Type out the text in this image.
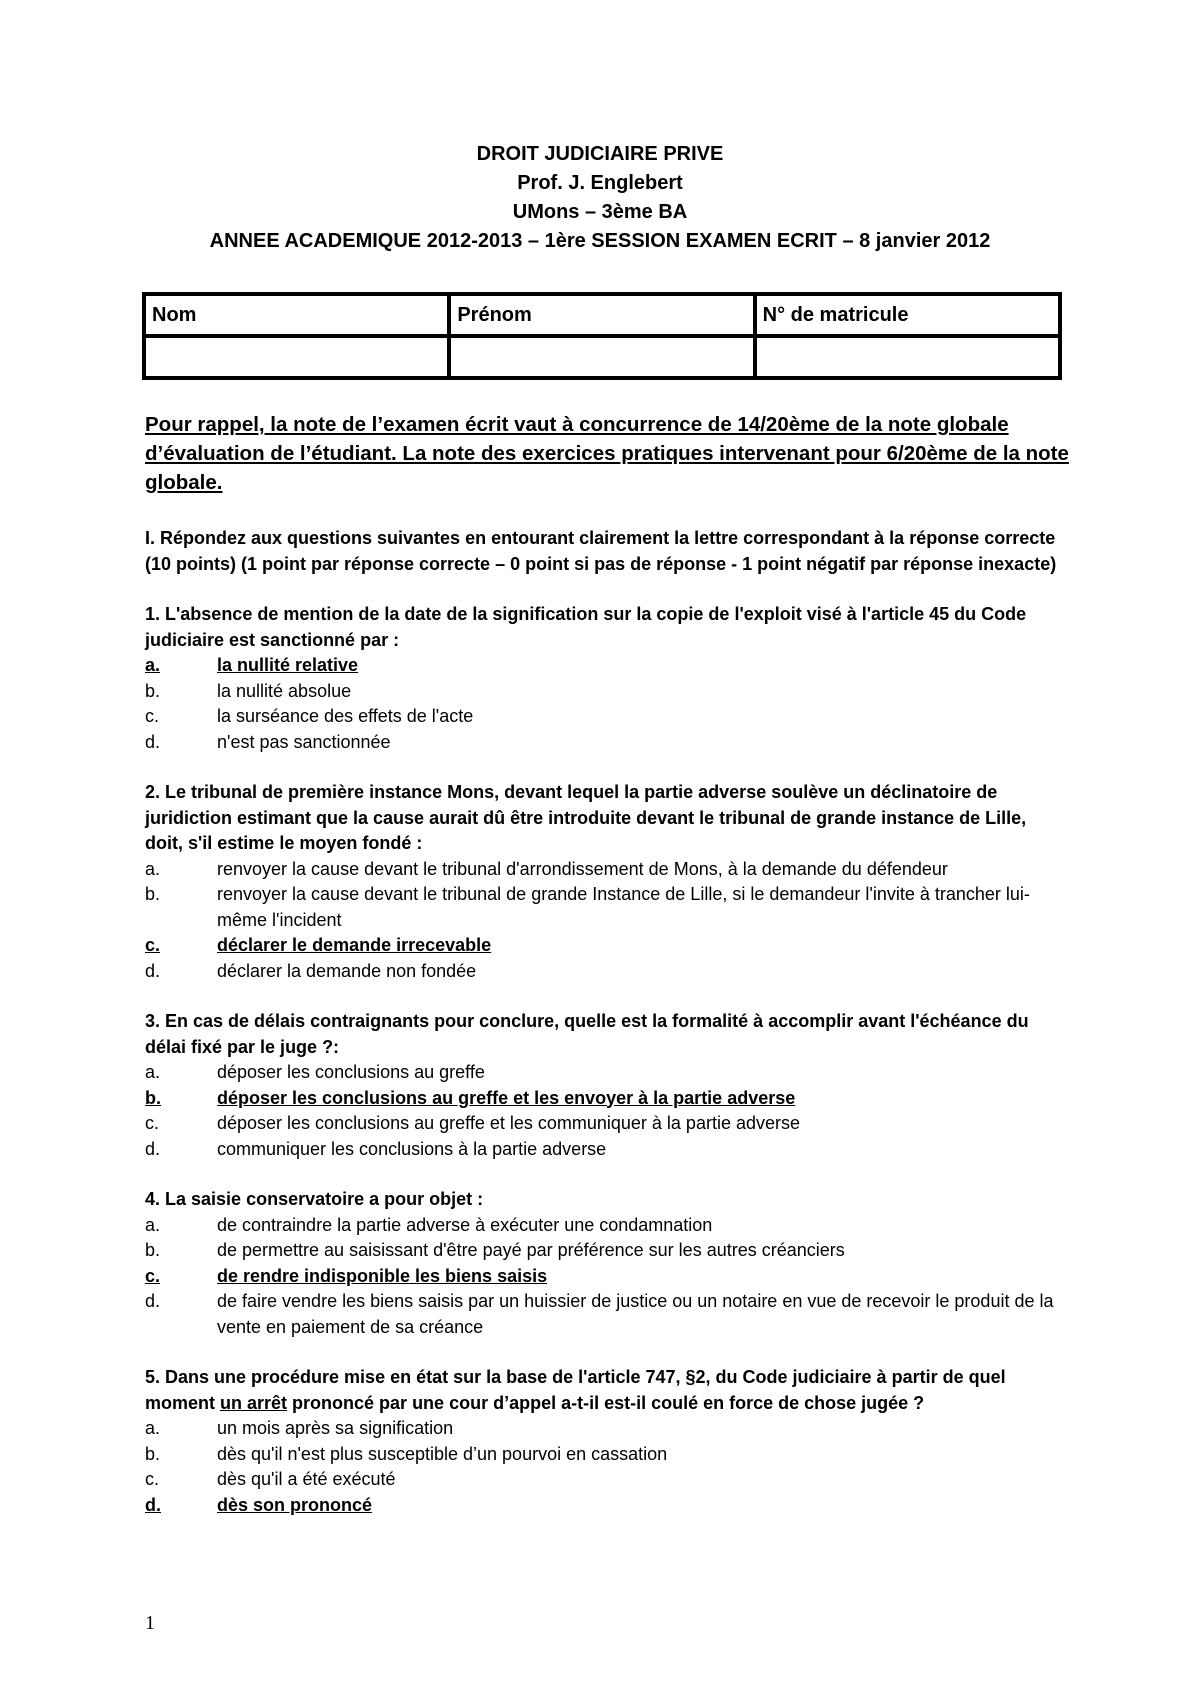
DROIT JUDICIAIRE PRIVE
Prof. J. Englebert
UMons – 3ème BA
ANNEE ACADEMIQUE 2012-2013 – 1ère SESSION EXAMEN ECRIT – 8 janvier 2012
Nom	Prénom	N° de matricule

Pour rappel, la note de l’examen écrit vaut à concurrence de 14/20ème de la note globale d’évaluation de l’étudiant. La note des exercices pratiques intervenant pour 6/20ème de la note globale.
I. Répondez aux questions suivantes en entourant clairement la lettre correspondant à la réponse correcte (10 points) (1 point par réponse correcte – 0 point si pas de réponse - 1 point négatif par réponse inexacte)
1. L'absence de mention de la date de la signification sur la copie de l'exploit visé à l'article 45 du Code judiciaire est sanctionné par :
a.	la nullité relative
b.	la nullité absolue
c.	la surséance des effets de l'acte
d.	n'est pas sanctionnée
2. Le tribunal de première instance Mons, devant lequel la partie adverse soulève un déclinatoire de juridiction estimant que la cause aurait dû être introduite devant le tribunal de grande instance de Lille, doit, s'il estime le moyen fondé :
a.	renvoyer la cause devant le tribunal d'arrondissement de Mons, à la demande du défendeur
b.	renvoyer la cause devant le tribunal de grande Instance de Lille, si le demandeur l'invite à trancher lui-même l'incident
c.	déclarer le demande irrecevable
d.	déclarer la demande non fondée
3. En cas de délais contraignants pour conclure, quelle est la formalité à accomplir avant l'échéance du délai fixé par le juge ?:
a.	déposer les conclusions au greffe
b.	déposer les conclusions au greffe et les envoyer à la partie adverse
c.	déposer les conclusions au greffe et les communiquer à la partie adverse
d.	communiquer les conclusions à la partie adverse
4. La saisie conservatoire a pour objet :
a.	de contraindre la partie adverse à exécuter une condamnation
b.	de permettre au saisissant d'être payé par préférence sur les autres créanciers
c.	de rendre indisponible les biens saisis
d.	de faire vendre les biens saisis par un huissier de justice ou un notaire en vue de recevoir le produit de la vente en paiement de sa créance
5. Dans une procédure mise en état sur la base de l'article 747, §2, du Code judiciaire à partir de quel moment un arrêt prononcé par une cour d’appel a-t-il est-il coulé en force de chose jugée ?
a.	un mois après sa signification
b.	dès qu'il n'est plus susceptible d’un pourvoi en cassation
c.	dès qu'il a été exécuté
d.	dès son prononcé
1
